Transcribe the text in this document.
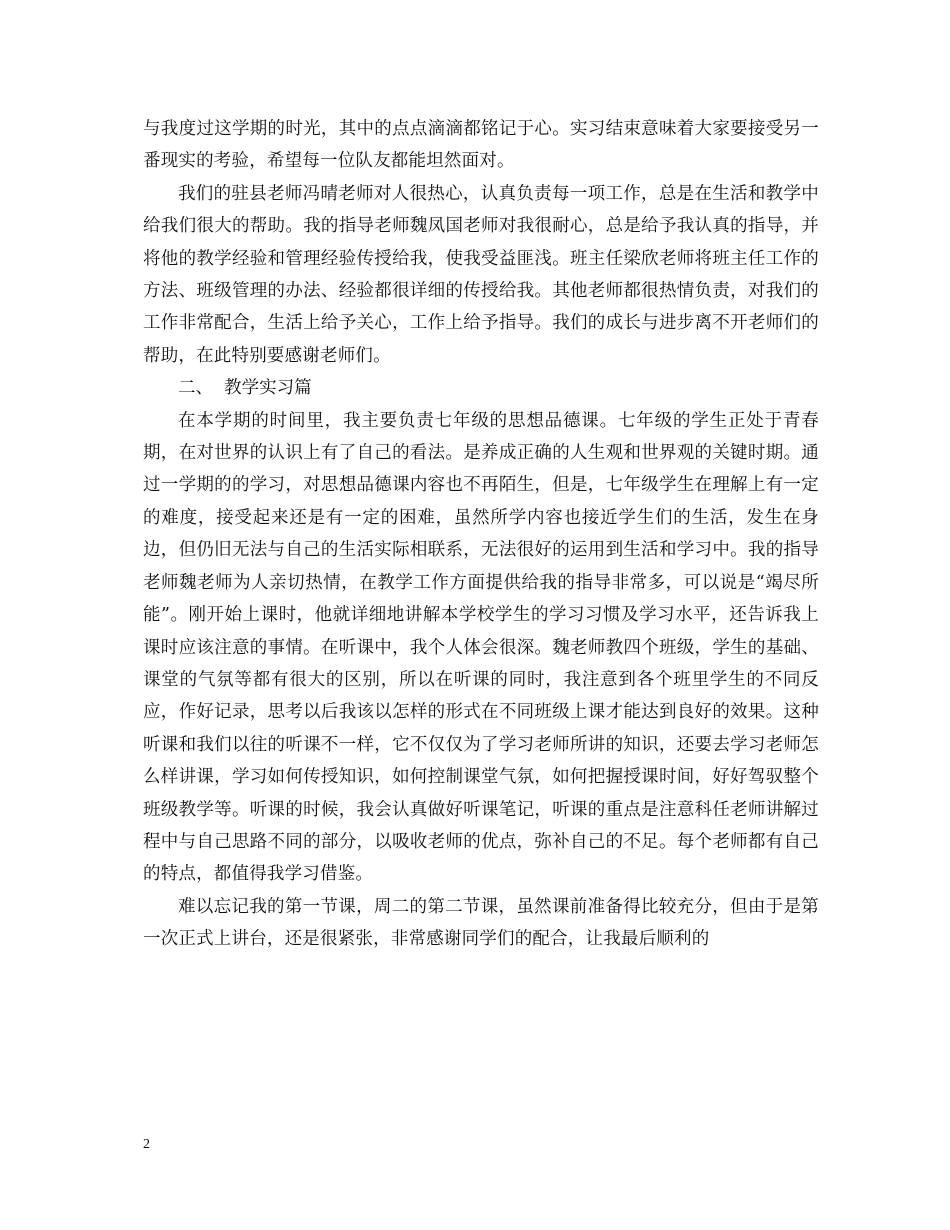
与我度过这学期的时光，其中的点点滴滴都铭记于心。实习结束意味着大家要接受另一番现实的考验，希望每一位队友都能坦然面对。

我们的驻县老师冯晴老师对人很热心，认真负责每一项工作，总是在生活和教学中给我们很大的帮助。我的指导老师魏凤国老师对我很耐心，总是给予我认真的指导，并将他的教学经验和管理经验传授给我，使我受益匪浅。班主任梁欣老师将班主任工作的方法、班级管理的办法、经验都很详细的传授给我。其他老师都很热情负责，对我们的工作非常配合，生活上给予关心，工作上给予指导。我们的成长与进步离不开老师们的帮助，在此特别要感谢老师们。

二、  教学实习篇

在本学期的时间里，我主要负责七年级的思想品德课。七年级的学生正处于青春期，在对世界的认识上有了自己的看法。是养成正确的人生观和世界观的关键时期。通过一学期的的学习，对思想品德课内容也不再陌生，但是，七年级学生在理解上有一定的难度，接受起来还是有一定的困难，虽然所学内容也接近学生们的生活，发生在身边，但仍旧无法与自己的生活实际相联系，无法很好的运用到生活和学习中。我的指导老师魏老师为人亲切热情，在教学工作方面提供给我的指导非常多，可以说是“竭尽所能”。刚开始上课时，他就详细地讲解本学校学生的学习习惯及学习水平，还告诉我上课时应该注意的事情。在听课中，我个人体会很深。魏老师教四个班级，学生的基础、课堂的气氛等都有很大的区别，所以在听课的同时，我注意到各个班里学生的不同反应，作好记录，思考以后我该以怎样的形式在不同班级上课才能达到良好的效果。这种听课和我们以往的听课不一样，它不仅仅为了学习老师所讲的知识，还要去学习老师怎么样讲课，学习如何传授知识，如何控制课堂气氛，如何把握授课时间，好好驾驭整个班级教学等。听课的时候，我会认真做好听课笔记，听课的重点是注意科任老师讲解过程中与自己思路不同的部分，以吸收老师的优点，弥补自己的不足。每个老师都有自己的特点，都值得我学习借鉴。

难以忘记我的第一节课，周二的第二节课，虽然课前准备得比较充分，但由于是第一次正式上讲台，还是很紧张，非常感谢同学们的配合，让我最后顺利的

2
